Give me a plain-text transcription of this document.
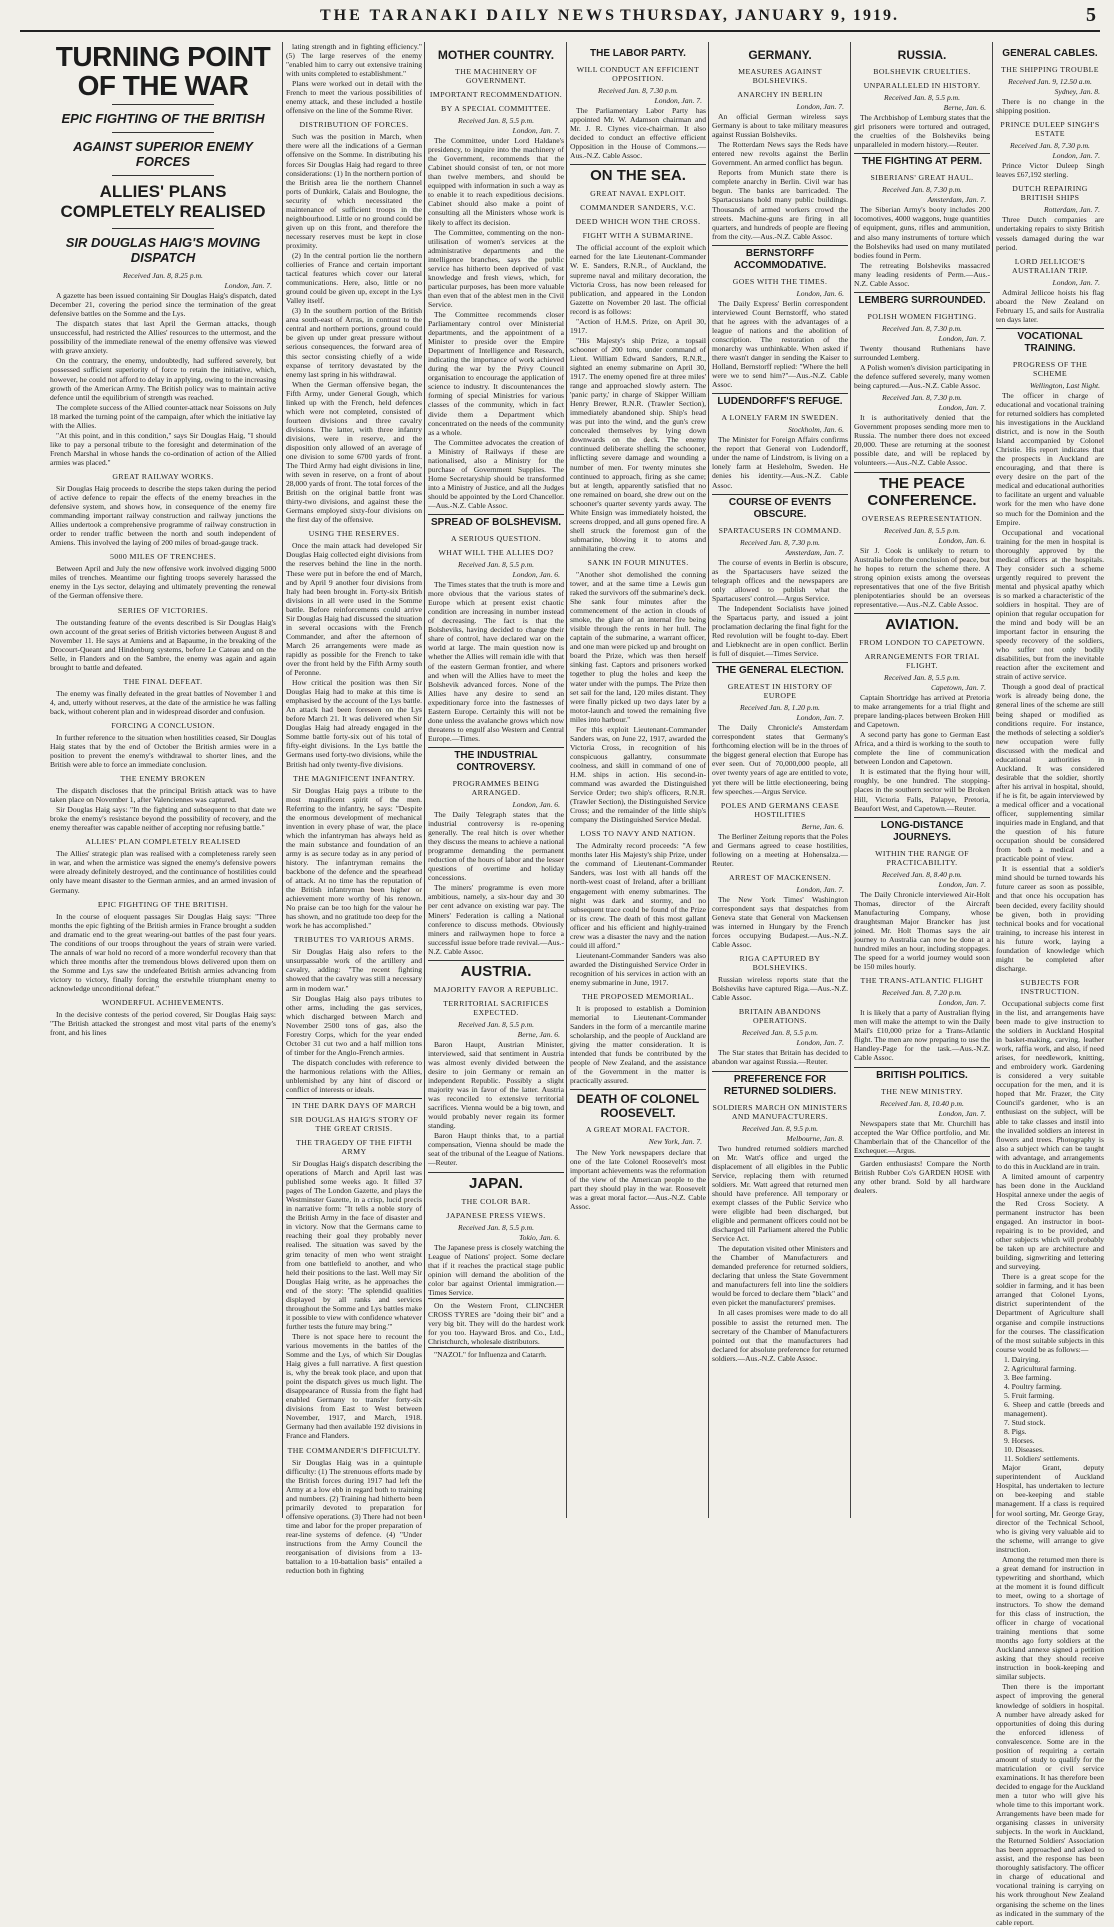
THE TARANAKI DAILY NEWS THURSDAY, JANUARY 9, 1919.	5
TURNING POINT OF THE WAR
EPIC FIGHTING OF THE BRITISH
AGAINST SUPERIOR ENEMY FORCES
ALLIES' PLANS COMPLETELY REALISED
SIR DOUGLAS HAIG'S MOVING DISPATCH
Received Jan. 8, 8.25 p.m.
London, Jan. 7.

A gazette has been issued containing Sir Douglas Haig's dispatch, dated December 21, covering the period since the termination of the great defensive battles on the Somme and the Lys.

The dispatch states that last April the German attacks, though unsuccessful, had restricted the Allies' resources to the uttermost, and the possibility of the immediate renewal of the enemy offensive was viewed with grave anxiety.

On the contrary, the enemy, undoubtedly, had suffered severely, but possessed sufficient superiority of force to retain the initiative, which, however, he could not afford to delay in applying, owing to the increasing growth of the American Army. The British policy was to maintain active defence until the equilibrium of strength was reached.

The complete success of the Allied counter-attack near Soissons on July 18 marked the turning point of the campaign, after which the initiative lay with the Allies.

"At this point, and in this condition," says Sir Douglas Haig, "I should like to pay a personal tribute to the foresight and determination of the French Marshal in whose hands the co-ordination of action of the Allied armies was placed."

GREAT RAILWAY WORKS.

Sir Douglas Haig proceeds to describe the steps taken during the period of active defence to repair the effects of the enemy breaches in the defensive system, and shows how, in consequence of the enemy fire commanding important railway construction and railway junctions the Allies undertook a comprehensive programme of railway construction in order to render traffic between the north and south independent of Amiens. This involved the laying of 200 miles of broad-gauge track.

5000 MILES OF TRENCHES.

Between April and July the new offensive work involved digging 5000 miles of trenches. Meantime our fighting troops severely harassed the enemy in the Lys sector, delaying and ultimately preventing the renewal of the German offensive there.

SERIES OF VICTORIES.

The outstanding feature of the events described is Sir Douglas Haig's own account of the great series of British victories between August 8 and November 11. He says at Amiens and at Bapaume, in the breaking of the Drocourt-Queant and Hindenburg systems, before Le Cateau and on the Selle, in Flanders and on the Sambre, the enemy was again and again brought to battle and defeated.

THE FINAL DEFEAT.

The enemy was finally defeated in the great battles of November 1 and 4, and, utterly without reserves, at the date of the armistice he was falling back, without coherent plan and in widespread disorder and confusion.

FORCING A CONCLUSION.

In further reference to the situation when hostilities ceased, Sir Douglas Haig states that by the end of October the British armies were in a position to prevent the enemy's withdrawal to shorter lines, and the British were able to force an immediate conclusion.

THE ENEMY BROKEN

The dispatch discloses that the principal British attack was to have taken place on November 1, after Valenciennes was captured.

Sir Douglas Haig says: "In the fighting and subsequent to that date we broke the enemy's resistance beyond the possibility of recovery, and the enemy thereafter was capable neither of accepting nor refusing battle."

ALLIES' PLAN COMPLETELY REALISED

The Allies' strategic plan was realised with a completeness rarely seen in war, and when the armistice was signed the enemy's defensive powers were already definitely destroyed, and the continuance of hostilities could only have meant disaster to the German armies, and an armed invasion of Germany.

EPIC FIGHTING OF THE BRITISH.

In the course of eloquent passages Sir Douglas Haig says: "Three months the epic fighting of the British armies in France brought a sudden and dramatic end to the great wearing-out battles of the past four years. The conditions of our troops throughout the years of strain were varied. The annals of war hold no record of a more wonderful recovery than that which three months after the tremendous blows delivered upon them on the Somme and Lys saw the undefeated British armies advancing from victory to victory, finally forcing the erstwhile triumphant enemy to acknowledge unconditional defeat."

WONDERFUL ACHIEVEMENTS.

In the decisive contests of the period covered, Sir Douglas Haig says: "The British attacked the strongest and most vital parts of the enemy's front, and his lines

lating strength and in fighting efficiency." (5) The large reserves of the enemy "enabled him to carry out extensive training with units completed to establishment."

Plans were worked out in detail with the French to meet the various possibilities of enemy attack, and these included a hostile offensive on the line of the Somme River.

DISTRIBUTION OF FORCES.

Such was the position in March, when there were all the indications of a German offensive on the Somme. In distributing his forces Sir Douglas Haig had regard to three considerations: (1) In the northern portion of the British area lie the northern Channel ports of Dunkirk, Calais and Boulogne, the security of which necessitated the maintenance of sufficient troops in the neighbourhood. Little or no ground could be given up on this front, and therefore the necessary reserves must be kept in close proximity.

(2) In the central portion lie the northern collieries of France and certain important tactical features which cover our lateral communications. Here, also, little or no ground could be given up, except in the Lys Valley itself.

(3) In the southern portion of the British area south-east of Arras, in contrast to the central and northern portions, ground could be given up under great pressure without serious consequences, the forward area of this sector consisting chiefly of a wide expanse of territory devastated by the enemy last spring in his withdrawal.

When the German offensive began, the Fifth Army, under General Gough, which linked up with the French, held defences which were not completed, consisted of fourteen divisions and three cavalry divisions. The latter, with three infantry divisions, were in reserve, and the disposition only allowed of an average of one division to some 6700 yards of front. The Third Army had eight divisions in line, with seven in reserve, on a front of about 28,000 yards of front. The total forces of the British on the original battle front was thirty-two divisions, and against these the Germans employed sixty-four divisions on the first day of the offensive.

USING THE RESERVES.

Once the main attack had developed Sir Douglas Haig collected eight divisions from the reserves behind the line in the north. These were put in before the end of March, and by April 9 another four divisions from Italy had been brought in. Forty-six British divisions in all were used in the Somme battle. Before reinforcements could arrive Sir Douglas Haig had discussed the situation in several occasions with the French Commander, and after the afternoon of March 26 arrangements were made as rapidly as possible for the French to take over the front held by the Fifth Army south of Peronne.

How critical the position was then Sir Douglas Haig had to make at this time is emphasised by the account of the Lys battle. An attack had been foreseen on the Lys before March 21. It was delivered when Sir Douglas Haig had already engaged in the Somme battle forty-six out of his total of fifty-eight divisions. In the Lys battle the Germans used forty-two divisions, while the British had only twenty-five divisions.

THE MAGNIFICENT INFANTRY.

Sir Douglas Haig pays a tribute to the most magnificent spirit of the men. Referring to the infantry, he says: "Despite the enormous development of mechanical invention in every phase of war, the place which the infantryman has always held as the main substance and foundation of an army is as secure today as in any period of history. The infantryman remains the backbone of the defence and the spearhead of attack. At no time has the reputation of the British infantryman been higher or achievement more worthy of his renown. No praise can be too high for the valour he has shown, and no gratitude too deep for the work he has accomplished."

TRIBUTES TO VARIOUS ARMS.

Sir Douglas Haig also refers to the unsurpassable work of the artillery and cavalry, adding: "The recent fighting showed that the cavalry was still a necessary arm in modern war."

Sir Douglas Haig also pays tributes to other arms, including the gas services, which discharged between March and November 2500 tons of gas, also the Forestry Corps, which for the year ended October 31 cut two and a half million tons of timber for the Anglo-French armies.

The dispatch concludes with reference to the harmonious relations with the Allies, unblemished by any hint of discord or conflict of interests or ideals.

IN THE DARK DAYS OF MARCH
SIR DOUGLAS HAIG'S STORY OF THE GREAT CRISIS.
THE TRAGEDY OF THE FIFTH ARMY

Sir Douglas Haig's dispatch describing the operations of March and April last was published some weeks ago. It filled 37 pages of The London Gazette, and plays the Westminster Gazette, in a crisp, lucid precis in narrative form: "It tells a noble story of the British Army in the face of disaster and in victory. Now that the Germans came to reaching their goal they probably never realised. The situation was saved by the grim tenacity of men who went straight from one battlefield to another, and who held their positions to the last. Well may Sir Douglas Haig write, as he approaches the end of the story: 'The splendid qualities displayed by all ranks and services throughout the Somme and Lys battles make it possible to view with confidence whatever further tests the future may bring.'"

There is not space here to recount the various movements in the battles of the Somme and the Lys, of which Sir Douglas Haig gives a full narrative. A first question is, why the break took place, and upon that point the dispatch gives us much light. The disappearance of Russia from the fight had enabled Germany to transfer forty-six divisions from East to West between November, 1917, and March, 1918. Germany had then available 192 divisions in France and Flanders.

THE COMMANDER'S DIFFICULTY.

Sir Douglas Haig was in a quintuple difficulty: (1) The strenuous efforts made by the British forces during 1917 had left the Army at a low ebb in regard both to training and numbers. (2) Training had hitherto been primarily devoted to preparation for offensive operations. (3) There had not been time and labor for the proper preparation of rear-line systems of defence. (4) "Under instructions from the Army Council the reorganisation of divisions from a 13-battalion to a 10-battalion basis" entailed a reduction both in fighting

MOTHER COUNTRY.
THE MACHINERY OF GOVERNMENT.
IMPORTANT RECOMMENDATION.
BY A SPECIAL COMMITTEE.
Received Jan. 8, 5.5 p.m.
London, Jan. 7.

The Committee, under Lord Haldane's presidency, to inquire into the machinery of the Government, recommends that the Cabinet should consist of ten, or not more than twelve members, and should be equipped with information in such a way as to enable it to reach expeditious decisions. Cabinet should also make a point of consulting all the Ministers whose work is likely to affect its decision.

The Committee, commenting on the non-utilisation of women's services at the administrative departments and the intelligence branches, says the public service has hitherto been deprived of vast knowledge and fresh views, which, for particular purposes, has been more valuable than even that of the ablest men in the Civil Service.

The Committee recommends closer Parliamentary control over Ministerial departments, and the appointment of a Minister to preside over the Empire Department of Intelligence and Research, indicating the importance of work achieved during the war by the Privy Council organisation to encourage the application of science to industry. It discountenances the forming of special Ministries for various classes of the community, which in fact divide them a Department which concentrated on the needs of the community as a whole.

The Committee advocates the creation of a Ministry of Railways if these are nationalised, also a Ministry for the purchase of Government Supplies. The Home Secretaryship should be transformed into a Ministry of Justice, and all the Judges should be appointed by the Lord Chancellor.—Aus.-N.Z. Cable Assoc.

SPREAD OF BOLSHEVISM.
A SERIOUS QUESTION.
WHAT WILL THE ALLIES DO?
Received Jan. 8, 5.5 p.m.
London, Jan. 6.

The Times states that the truth is more and more obvious that the various states of Europe which at present exist chaotic condition are increasing in number instead of decreasing. The fact is that the Bolsheviks, having decided to change their share of control, have declared war on the world at large. The main question now is whether the Allies will remain idle with that of the eastern German frontier, and where and when will the Allies have to meet the Bolshevik advanced forces. None of the Allies have any desire to send an expeditionary force into the fastnesses of Eastern Europe. Certainly this will not be done unless the avalanche grows which now threatens to engulf also Western and Central Europe.—Times.

THE INDUSTRIAL CONTROVERSY.
PROGRAMMES BEING ARRANGED.
London, Jan. 6.

The Daily Telegraph states that the industrial controversy is re-opening generally. The real hitch is over whether they discuss the means to achieve a national programme demanding the permanent reduction of the hours of labor and the lesser questions of overtime and holiday concessions.

The miners' programme is even more ambitious, namely, a six-hour day and 30 per cent advance on existing war pay. The Miners' Federation is calling a National conference to discuss methods. Obviously miners and railwaymen hope to force a successful issue before trade revival.—Aus.-N.Z. Cable Assoc.

AUSTRIA.
MAJORITY FAVOR A REPUBLIC.
TERRITORIAL SACRIFICES EXPECTED.
Received Jan. 8, 5.5 p.m.
Berne, Jan. 6.

Baron Haupt, Austrian Minister, interviewed, said that sentiment in Austria was almost evenly divided between the desire to join Germany or remain an independent Republic. Possibly a slight majority was in favor of the latter. Austria was reconciled to extensive territorial sacrifices. Vienna would be a big town, and would probably never regain its former standing.

Baron Haupt thinks that, to a partial compensation, Vienna should be made the seat of the tribunal of the League of Nations.—Reuter.

JAPAN.
THE COLOR BAR.
JAPANESE PRESS VIEWS.
Received Jan. 8, 5.5 p.m.
Tokio, Jan. 6.

The Japanese press is closely watching the League of Nations' project. Some declare that if it reaches the practical stage public opinion will demand the abolition of the color bar against Oriental immigration.—Times Service.

On the Western Front, CLINCHER CROSS TYRES are "doing their bit" and a very big bit. They will do the hardest work for you too. Hayward Bros. and Co., Ltd., Christchurch, wholesale distributors.

"NAZOL" for Influenza and Catarrh.

THE LABOR PARTY.
WILL CONDUCT AN EFFICIENT OPPOSITION.
Received Jan. 8, 7.30 p.m.
London, Jan. 7.

The Parliamentary Labor Party has appointed Mr. W. Adamson chairman and Mr. J. R. Clynes vice-chairman. It also decided to conduct an effective efficient Opposition in the House of Commons.—Aus.-N.Z. Cable Assoc.

ON THE SEA.
GREAT NAVAL EXPLOIT.
COMMANDER SANDERS, V.C.
DEED WHICH WON THE CROSS.
FIGHT WITH A SUBMARINE.

The official account of the exploit which earned for the late Lieutenant-Commander W. E. Sanders, R.N.R., of Auckland, the supreme naval and military decoration, the Victoria Cross, has now been released for publication, and appeared in the London Gazette on November 20 last. The official record is as follows:

"Action of H.M.S. Prize, on April 30, 1917.

"His Majesty's ship Prize, a topsail schooner of 200 tons, under command of Lieut. William Edward Sanders, R.N.R., sighted an enemy submarine on April 30, 1917. The enemy opened fire at three miles' range and approached slowly astern. The 'panic party,' in charge of Skipper William Henry Brewer, R.N.R. (Trawler Section), immediately abandoned ship. Ship's head was put into the wind, and the gun's crew concealed themselves by lying down downwards on the deck. The enemy continued deliberate shelling the schooner, inflicting severe damage and wounding a number of men. For twenty minutes she continued to approach, firing as she came; but at length, apparently satisfied that no one remained on board, she drew out on the schooner's quarter seventy yards away. The White Ensign was immediately hoisted, the screens dropped, and all guns opened fire. A shell struck the foremost gun of the submarine, blowing it to atoms and annihilating the crew.

SANK IN FOUR MINUTES.

"Another shot demolished the conning tower, and at the same time a Lewis gun raked the survivors off the submarine's deck. She sank four minutes after the commencement of the action in clouds of smoke, the glare of an internal fire being visible through the rents in her hull. The captain of the submarine, a warrant officer, and one man were picked up and brought on board the Prize, which was then herself sinking fast. Captors and prisoners worked together to plug the holes and keep the water under with the pumps. The Prize then set sail for the land, 120 miles distant. They were finally picked up two days later by a motor-launch and towed the remaining five miles into harbour."

For this exploit Lieutenant-Commander Sanders was, on June 22, 1917, awarded the Victoria Cross, in recognition of his conspicuous gallantry, consummate coolness, and skill in command of one of H.M. ships in action. His second-in-command was awarded the Distinguished Service Order; two ship's officers, R.N.R. (Trawler Section), the Distinguished Service Cross; and the remainder of the little ship's company the Distinguished Service Medal.

LOSS TO NAVY AND NATION.

The Admiralty record proceeds: "A few months later His Majesty's ship Prize, under the command of Lieutenant-Commander Sanders, was lost with all hands off the north-west coast of Ireland, after a brilliant engagement with enemy submarines. The night was dark and stormy, and no subsequent trace could be found of the Prize or its crew. The death of this most gallant officer and his efficient and highly-trained crew was a disaster the navy and the nation could ill afford."

Lieutenant-Commander Sanders was also awarded the Distinguished Service Order in recognition of his services in action with an enemy submarine in June, 1917.

THE PROPOSED MEMORIAL.

It is proposed to establish a Dominion memorial to Lieutenant-Commander Sanders in the form of a mercantile marine scholarship, and the people of Auckland are giving the matter consideration. It is intended that funds be contributed by the people of New Zealand, and the assistance of the Government in the matter is practically assured.

DEATH OF COLONEL ROOSEVELT.
A GREAT MORAL FACTOR.
New York, Jan. 7.

The New York newspapers declare that one of the late Colonel Roosevelt's most important achievements was the reformation of the view of the American people to the part they should play in the war. Roosevelt was a great moral factor.—Aus.-N.Z. Cable Assoc.

GERMANY.
MEASURES AGAINST BOLSHEVIKS.
ANARCHY IN BERLIN
London, Jan. 7.

An official German wireless says Germany is about to take military measures against Russian Bolsheviks.

The Rotterdam News says the Reds have entered new revolts against the Berlin Government. An armed conflict has begun.

Reports from Munich state there is complete anarchy in Berlin. Civil war has begun. The banks are barricaded. The Spartacusians hold many public buildings. Thousands of armed workers crowd the streets. Machine-guns are firing in all quarters, and hundreds of people are fleeing from the city.—Aus.-N.Z. Cable Assoc.

BERNSTORFF ACCOMMODATIVE.
GOES WITH THE TIMES.
London, Jan. 6.

The Daily Express' Berlin correspondent interviewed Count Bernstorff, who stated that he agrees with the advantages of a league of nations and the abolition of conscription. The restoration of the monarchy was unthinkable. When asked if there wasn't danger in sending the Kaiser to Holland, Bernstorff replied: "Where the hell were we to send him?"—Aus.-N.Z. Cable Assoc.

LUDENDORFF'S REFUGE.
A LONELY FARM IN SWEDEN.
Stockholm, Jan. 6.

The Minister for Foreign Affairs confirms the report that General von Ludendorff, under the name of Lindstrom, is living on a lonely farm at Hesleholm, Sweden. He denies his identity.—Aus.-N.Z. Cable Assoc.

COURSE OF EVENTS OBSCURE.
SPARTACUSERS IN COMMAND.
Received Jan. 8, 7.30 p.m.
Amsterdam, Jan. 7.

The course of events in Berlin is obscure, as the Spartacusers have seized the telegraph offices and the newspapers are only allowed to publish what the Spartacusers' control.—Argus Service.

The Independent Socialists have joined the Spartacus party, and issued a joint proclamation declaring the final fight for the Red revolution will be fought to-day. Ebert and Liebknecht are in open conflict. Berlin is full of disquiet.—Times Service.

THE GENERAL ELECTION.
GREATEST IN HISTORY OF EUROPE
Received Jan. 8, 1.20 p.m.
London, Jan. 7.

The Daily Chronicle's Amsterdam correspondent states that Germany's forthcoming election will be in the throes of the biggest general election that Europe has ever seen. Out of 70,000,000 people, all over twenty years of age are entitled to vote, yet there will be little electioneering, being few speeches.—Argus Service.

POLES AND GERMANS CEASE HOSTILITIES
Berne, Jan. 6.

The Berliner Zeitung reports that the Poles and Germans agreed to cease hostilities, following on a meeting at Hohensalza.—Reuter.

ARREST OF MACKENSEN.
London, Jan. 7.

The New York Times' Washington correspondent says that despatches from Geneva state that General von Mackensen was interned in Hungary by the French forces occupying Budapest.—Aus.-N.Z. Cable Assoc.

RIGA CAPTURED BY BOLSHEVIKS.

Russian wireless reports state that the Bolsheviks have captured Riga.—Aus.-N.Z. Cable Assoc.

BRITAIN ABANDONS OPERATIONS.
Received Jan. 8, 5.5 p.m.
London, Jan. 7.

The Star states that Britain has decided to abandon war against Russia.—Reuter.

PREFERENCE FOR RETURNED SOLDIERS.
SOLDIERS MARCH ON MINISTERS AND MANUFACTURERS.
Received Jan. 8, 9.5 p.m.
Melbourne, Jan. 8.

Two hundred returned soldiers marched on Mr. Watt's office and urged the displacement of all eligibles in the Public Service, replacing them with returned soldiers. Mr. Watt agreed that returned men should have preference. All temporary or exempt classes of the Public Service who were eligible had been discharged, but eligible and permanent officers could not be discharged till Parliament altered the Public Service Act.

The deputation visited other Ministers and the Chamber of Manufacturers and demanded preference for returned soldiers, declaring that unless the State Government and manufacturers fell into line the soldiers would be forced to declare them "black" and even picket the manufacturers' premises.

In all cases promises were made to do all possible to assist the returned men. The secretary of the Chamber of Manufacturers pointed out that the manufacturers had declared for absolute preference for returned soldiers.—Aus.-N.Z. Cable Assoc.

RUSSIA.
BOLSHEVIK CRUELTIES.
UNPARALLELED IN HISTORY.
Received Jan. 8, 5.5 p.m.
Berne, Jan. 6.

The Archbishop of Lemburg states that the girl prisoners were tortured and outraged, the cruelties of the Bolsheviks being unparalleled in modern history.—Reuter.

THE FIGHTING AT PERM.
SIBERIANS' GREAT HAUL.
Received Jan. 8, 7.30 p.m.
Amsterdam, Jan. 7.

The Siberian Army's booty includes 200 locomotives, 4000 waggons, huge quantities of equipment, guns, rifles and ammunition, and also many instruments of torture which the Bolsheviks had used on many mutilated bodies found in Perm.

The retreating Bolsheviks massacred many leading residents of Perm.—Aus.-N.Z. Cable Assoc.

LEMBERG SURROUNDED.
POLISH WOMEN FIGHTING.
Received Jan. 8, 7.30 p.m.
London, Jan. 7.

Twenty thousand Ruthenians have surrounded Lemberg.

A Polish women's division participating in the defence suffered severely, many women being captured.—Aus.-N.Z. Cable Assoc.

Received Jan. 8, 7.30 p.m.
London, Jan. 7.

It is authoritatively denied that the Government proposes sending more men to Russia. The number there does not exceed 20,000. These are returning at the soonest possible date, and will be replaced by volunteers.—Aus.-N.Z. Cable Assoc.

THE PEACE CONFERENCE.
OVERSEAS REPRESENTATION.
Received Jan. 8, 5.5 p.m.
London, Jan. 6.

Sir J. Cook is unlikely to return to Australia before the conclusion of peace, but he hopes to return the scheme there. A strong opinion exists among the overseas representatives that one of the five British plenipotentiaries should be an overseas representative.—Aus.-N.Z. Cable Assoc.

AVIATION.
FROM LONDON TO CAPETOWN.
ARRANGEMENTS FOR TRIAL FLIGHT.
Received Jan. 8, 5.5 p.m.
Capetown, Jan. 7.

Captain Shortridge has arrived at Pretoria to make arrangements for a trial flight and prepare landing-places between Broken Hill and Capetown.

A second party has gone to German East Africa, and a third is working to the south to complete the line of communication between London and Capetown.

It is estimated that the flying hour will, roughly, be one hundred. The stopping-places in the southern sector will be Broken Hill, Victoria Falls, Palapye, Pretoria, Beaufort West, and Capetown.—Reuter.

LONG-DISTANCE JOURNEYS.
WITHIN THE RANGE OF PRACTICABILITY.
Received Jan. 8, 8.40 p.m.
London, Jan. 7.

The Daily Chronicle interviewed Air-Holt Thomas, director of the Aircraft Manufacturing Company, whose draughtsman Major Brancker has just joined. Mr. Holt Thomas says the air journey to Australia can now be done at a hundred miles an hour, including stoppages. The speed for a world journey would soon be 150 miles hourly.

THE TRANS-ATLANTIC FLIGHT
Received Jan. 8, 7.20 p.m.
London, Jan. 7.

It is likely that a party of Australian flying men will make the attempt to win the Daily Mail's £10,000 prize for a Trans-Atlantic flight. The men are now preparing to use the Handley-Page for the task.—Aus.-N.Z. Cable Assoc.

BRITISH POLITICS.
THE NEW MINISTRY.
Received Jan. 8, 10.40 p.m.
London, Jan. 7.

Newspapers state that Mr. Churchill has accepted the War Office portfolio, and Mr. Chamberlain that of the Chancellor of the Exchequer.—Argus.

Garden enthusiasts! Compare the North British Rubber Co's GARDEN HOSE with any other brand. Sold by all hardware dealers.

GENERAL CABLES.
THE SHIPPING TROUBLE
Received Jan. 9, 12.50 a.m.
Sydney, Jan. 8.

There is no change in the shipping position.

PRINCE DULEEP SINGH'S ESTATE
Received Jan. 8, 7.30 p.m.
London, Jan. 7.

Prince Victor Duleep Singh leaves £67,192 sterling.

DUTCH REPAIRING BRITISH SHIPS
Rotterdam, Jan. 7.

Three Dutch companies are undertaking repairs to sixty British vessels damaged during the war period.

LORD JELLICOE'S AUSTRALIAN TRIP.
London, Jan. 7.

Admiral Jellicoe hoists his flag aboard the New Zealand on February 15, and sails for Australia ten days later.

VOCATIONAL TRAINING.
PROGRESS OF THE SCHEME
Wellington, Last Night.

The officer in charge of educational and vocational training for returned soldiers has completed his investigations in the Auckland district, and is now in the South Island accompanied by Colonel Christie. His report indicates that the prospects in Auckland are encouraging, and that there is every desire on the part of the medical and educational authorities to facilitate an urgent and valuable work for the men who have done so much for the Dominion and the Empire.

Occupational and vocational training for the men in hospital is thoroughly approved by the medical officers at the hospitals. They consider such a scheme urgently required to prevent the mental and physical apathy which is so marked a characteristic of the soldiers in hospital. They are of opinion that regular occupation for the mind and body will be an important factor in ensuring the speedy recovery of the soldiers, who suffer not only bodily disabilities, but from the inevitable reaction after the excitement and strain of active service.

Though a good deal of practical work is already being done, the general lines of the scheme are still being shaped or modified as conditions require. For instance, the methods of selecting a soldier's new occupation were fully discussed with the medical and educational authorities in Auckland. It was considered desirable that the soldier, shortly after his arrival in hospital, should, if he is fit, be again interviewed by a medical officer and a vocational officer, supplementing similar inquiries made in England, and that the question of his future occupation should be considered from both a medical and a practicable point of view.

It is essential that a soldier's mind should be turned towards his future career as soon as possible, and that once his occupation has been decided, every facility should be given, both in providing technical books and for vocational training, to increase his interest in his future work, laying a foundation of knowledge which might be completed after discharge.

SUBJECTS FOR INSTRUCTION.

Occupational subjects come first in the list, and arrangements have been made to give instruction to the soldiers in Auckland Hospital in basket-making, carving, leather work, raffia work, and also, if need arises, for needlework, knitting, and embroidery work. Gardening is considered a very suitable occupation for the men, and it is hoped that Mr. Frazer, the City Council's gardener, who is an enthusiast on the subject, will be able to take classes and instil into the invalided soldiers an interest in flowers and trees. Photography is also a subject which can be taught with advantage, and arrangements to do this in Auckland are in train.

A limited amount of carpentry has been done in the Auckland Hospital annexe under the aegis of the Red Cross Society. A permanent instructor has been engaged. An instructor in boot-repairing is to be provided, and other subjects which will probably be taken up are architecture and building, signwriting and lettering and surveying.

There is a great scope for the soldier in farming, and it has been arranged that Colonel Lyons, district superintendent of the Department of Agriculture shall organise and compile instructions for the courses. The classification of the most suitable subjects in this course would be as follows:—

1. Dairying.
2. Agricultural farming.
3. Bee farming.
4. Poultry farming.
5. Fruit farming.
6. Sheep and cattle (breeds and management).
7. Stud stock.
8. Pigs.
9. Horses.
10. Diseases.
11. Soldiers' settlements.

Major Grant, deputy superintendent of Auckland Hospital, has undertaken to lecture on bee-keeping and stable management. If a class is required for wool sorting, Mr. George Gray, director of the Technical School, who is giving very valuable aid to the scheme, will arrange to give instruction.

Among the returned men there is a great demand for instruction in typewriting and shorthand, which at the moment it is found difficult to meet, owing to a shortage of instructors. To show the demand for this class of instruction, the officer in charge of vocational training mentions that some months ago forty soldiers at the Auckland annexe signed a petition asking that they should receive instruction in book-keeping and similar subjects.

Then there is the important aspect of improving the general knowledge of soldiers in hospital. A number have already asked for opportunities of doing this during the enforced idleness of convalescence. Some are in the position of requiring a certain amount of study to qualify for the matriculation or civil service examinations. It has therefore been decided to engage for the Auckland men a tutor who will give his whole time to this important work. Arrangements have been made for organising classes in university subjects. In the work in Auckland, the Returned Soldiers' Association has been approached and asked to assist, and the response has been thoroughly satisfactory. The officer in charge of educational and vocational training is carrying on his work throughout New Zealand organising the scheme on the lines as indicated in the summary of the cable report.
